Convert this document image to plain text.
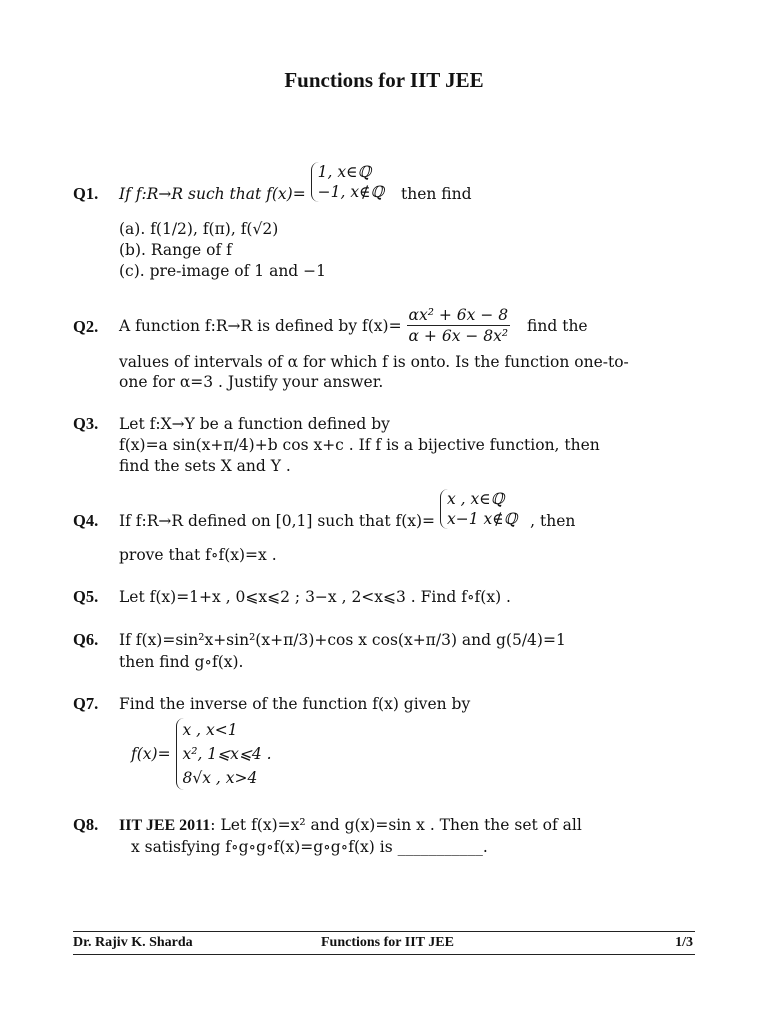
Functions for IIT JEE
Q1. If f:R→R such that f(x)=
1, x∈ℚ
−1, x∉ℚ then find
(a). f(1/2), f(π), f(√2)
(b). Range of f
(c). pre-image of 1 and −1
Q2. A function f:R→R is defined by $f(x)= \frac{\text{αx² + 6x − 8}}{\text{α + 6x − 8x²}}$ find the
values of intervals of α for which f is onto. Is the function one-to-
one for α=3 . Justify your answer.
Q3. Let f:X→Y be a function defined by
f(x)=a sin(x+π/4)+b cos x+c . If f is a bijective function, then
find the sets X and Y .
Q4. If f:R→R defined on [0,1] such that f(x)=
x , x∈ℚ
x−1 x∉ℚ , then
prove that f∘f(x)=x .
Q5. Let f(x)=1+x , 0⩽x⩽2 ; 3−x , 2<x⩽3 . Find f∘f(x) .
Q6. If f(x)=sin²x+sin²(x+π/3)+cos x cos(x+π/3) and g(5/4)=1
then find g∘f(x).
Q7. Find the inverse of the function f(x) given by
f(x)=
x , x<1
x², 1⩽x⩽4 .
8√x , x>4
Q8. IIT JEE 2011: Let f(x)=x² and g(x)=sin x . Then the set of all
x satisfying f∘g∘g∘f(x)=g∘g∘f(x) is ___________.
Dr. Rajiv K. Sharda	Functions for IIT JEE	1/3
